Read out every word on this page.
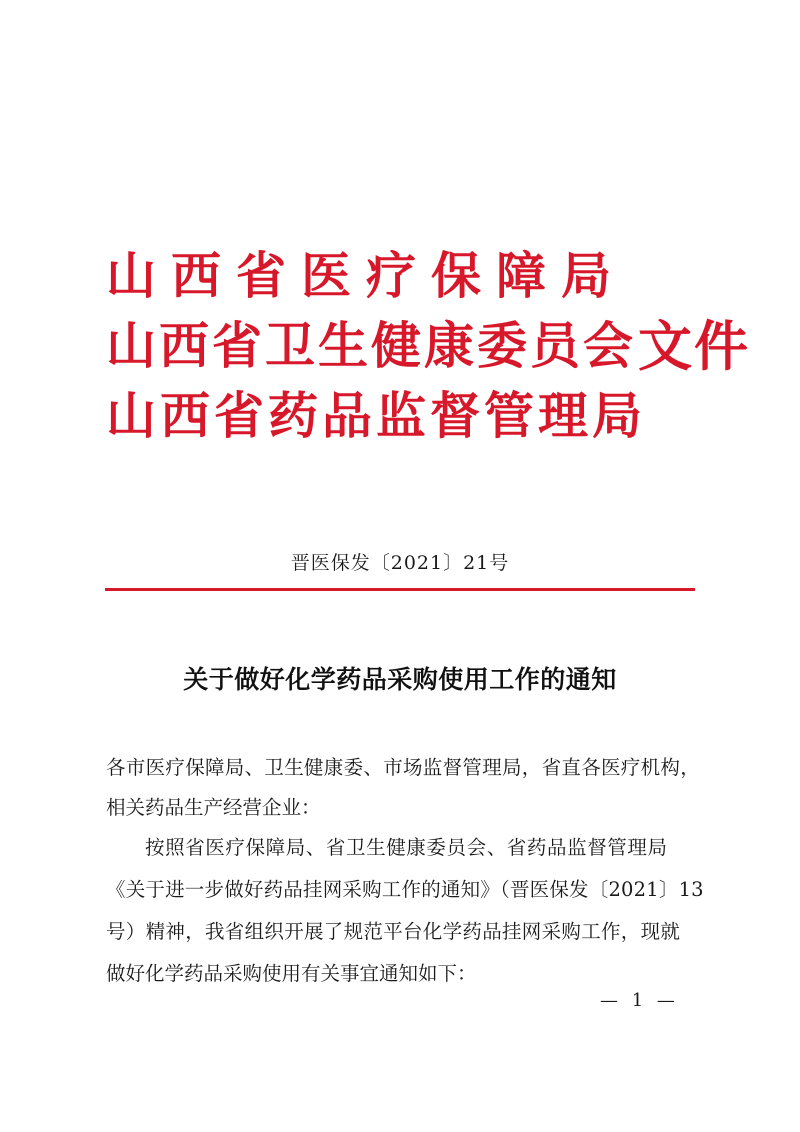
山西省医疗保障局
山西省卫生健康委员会 文件
山西省药品监督管理局
晋医保发〔2021〕21号
关于做好化学药品采购使用工作的通知
各市医疗保障局、卫生健康委、市场监督管理局，省直各医疗机构，
相关药品生产经营企业：
按照省医疗保障局、省卫生健康委员会、省药品监督管理局
《关于进一步做好药品挂网采购工作的通知》（晋医保发〔2021〕13
号）精神，我省组织开展了规范平台化学药品挂网采购工作，现就
做好化学药品采购使用有关事宜通知如下：
— 1 —
